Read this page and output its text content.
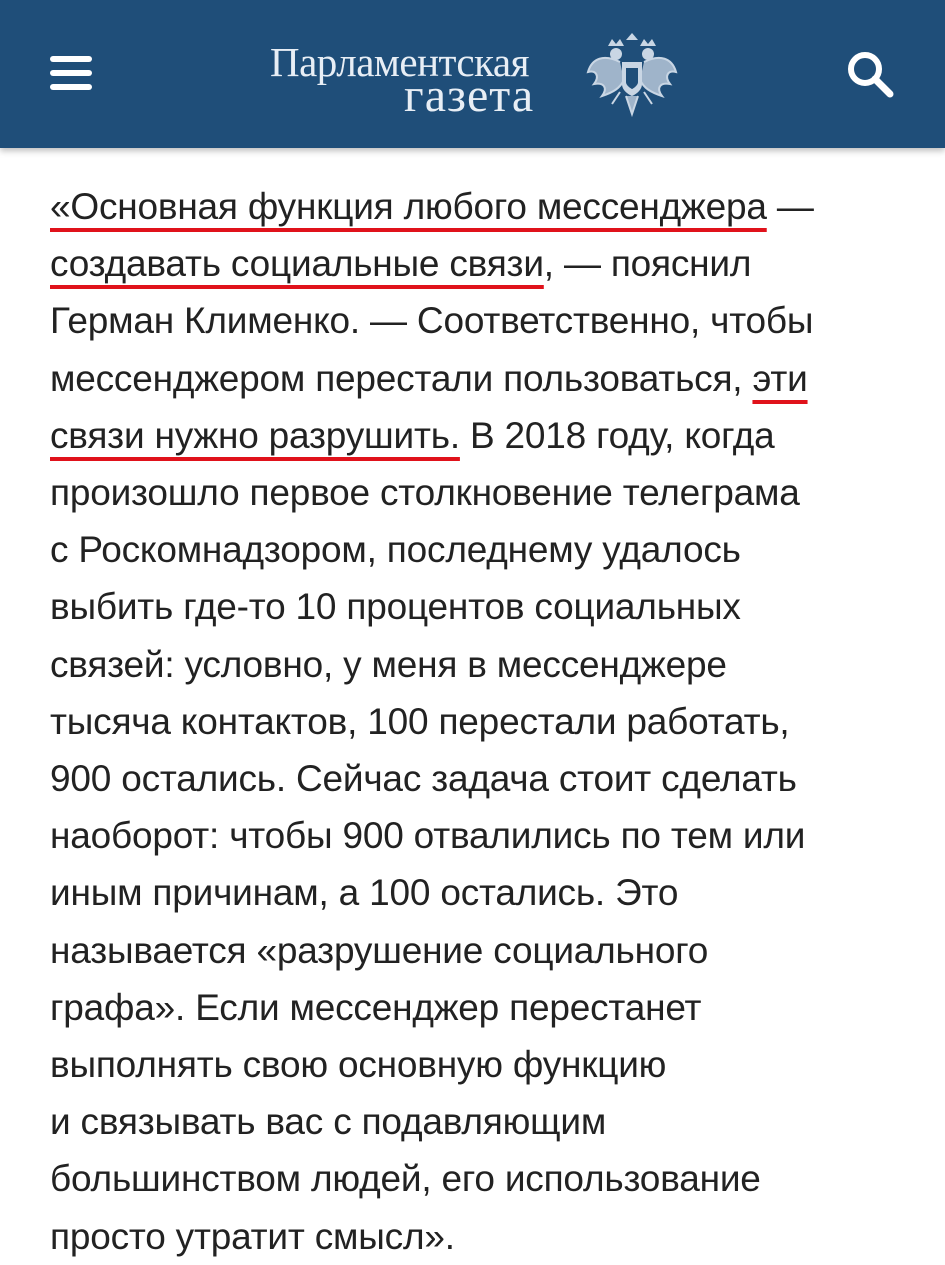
Парламентская
газета

«Основная функция любого мессенджера —
создавать социальные связи, — пояснил
Герман Клименко. — Соответственно, чтобы
мессенджером перестали пользоваться, эти
связи нужно разрушить. В 2018 году, когда
произошло первое столкновение телеграма
с Роскомнадзором, последнему удалось
выбить где-то 10 процентов социальных
связей: условно, у меня в мессенджере
тысяча контактов, 100 перестали работать,
900 остались. Сейчас задача стоит сделать
наоборот: чтобы 900 отвалились по тем или
иным причинам, а 100 остались. Это
называется «разрушение социального
графа». Если мессенджер перестанет
выполнять свою основную функцию
и связывать вас с подавляющим
большинством людей, его использование
просто утратит смысл».
